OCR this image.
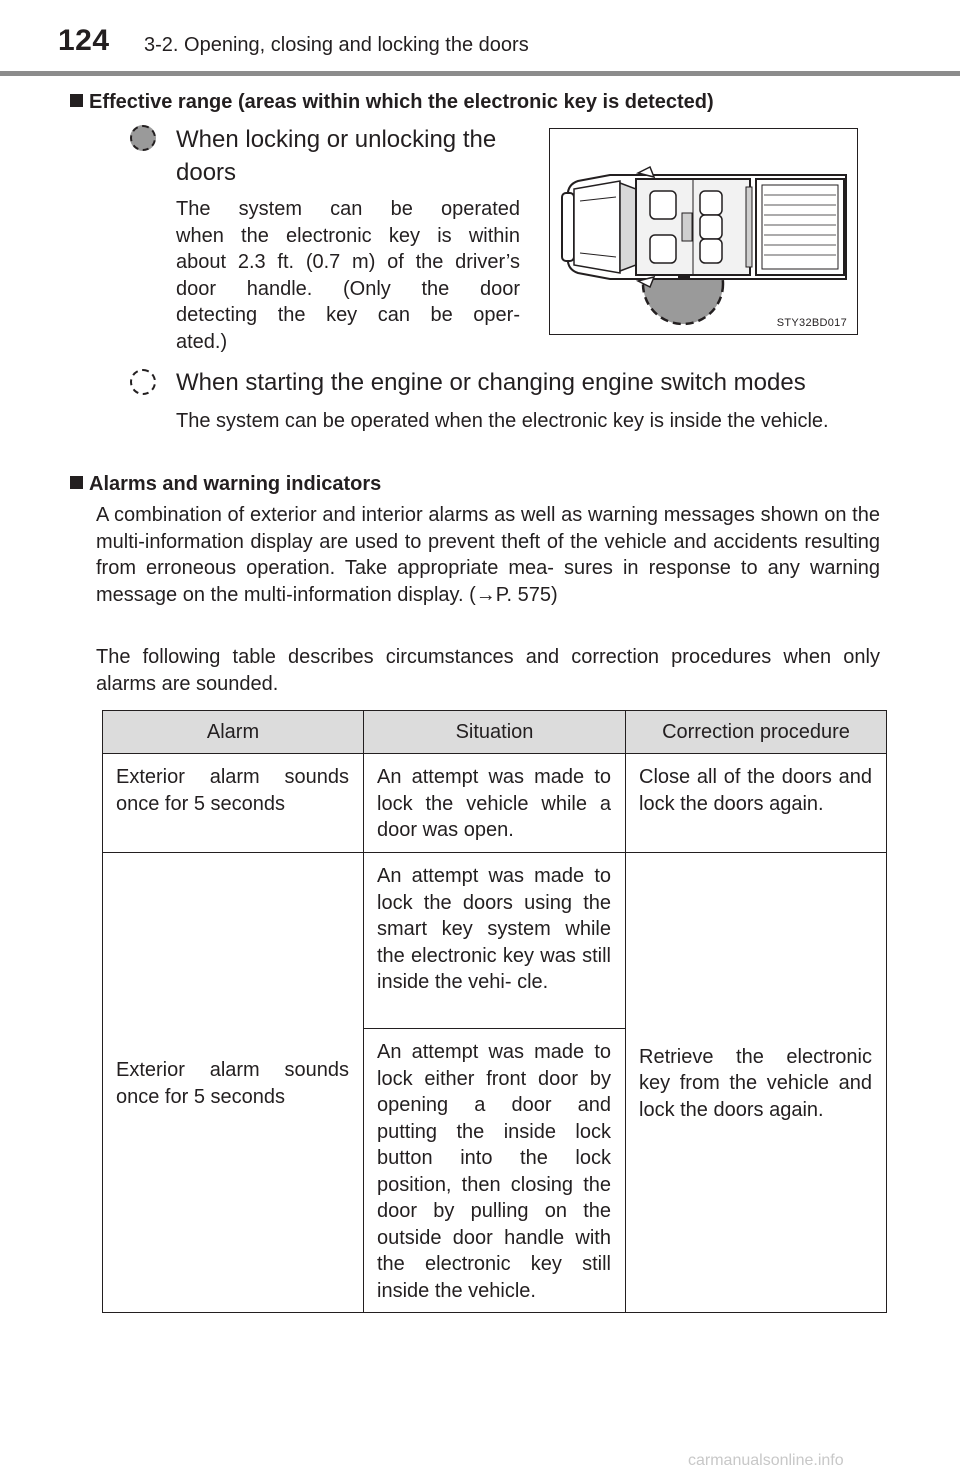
124 3-2. Opening, closing and locking the doors
Effective range (areas within which the electronic key is detected)
When locking or unlocking the
doors
The system can be operated
when the electronic key is within
about 2.3 ft. (0.7 m) of the driver’s
door handle. (Only the door
detecting the key can be oper-
ated.)
STY32BD017
When starting the engine or changing engine switch modes
The system can be operated when the electronic key is inside the vehicle.
Alarms and warning indicators
A combination of exterior and interior alarms as well as warning messages shown on the multi-information display are used to prevent theft of the vehicle and accidents resulting from erroneous operation. Take appropriate mea- sures in response to any warning message on the multi-information display. (→P. 575)
The following table describes circumstances and correction procedures when only alarms are sounded.
Alarm	Situation	Correction procedure
Exterior alarm sounds once for 5 seconds	An attempt was made to lock the vehicle while a door was open.	Close all of the doors and lock the doors again.
Exterior alarm sounds once for 5 seconds	An attempt was made to lock the doors using the smart key system while the electronic key was still inside the vehi- cle.	Retrieve the electronic key from the vehicle and lock the doors again.
	An attempt was made to lock either front door by opening a door and putting the inside lock button into the lock position, then closing the door by pulling on the outside door handle with the electronic key still inside the vehicle.	
carmanualsonline.info
